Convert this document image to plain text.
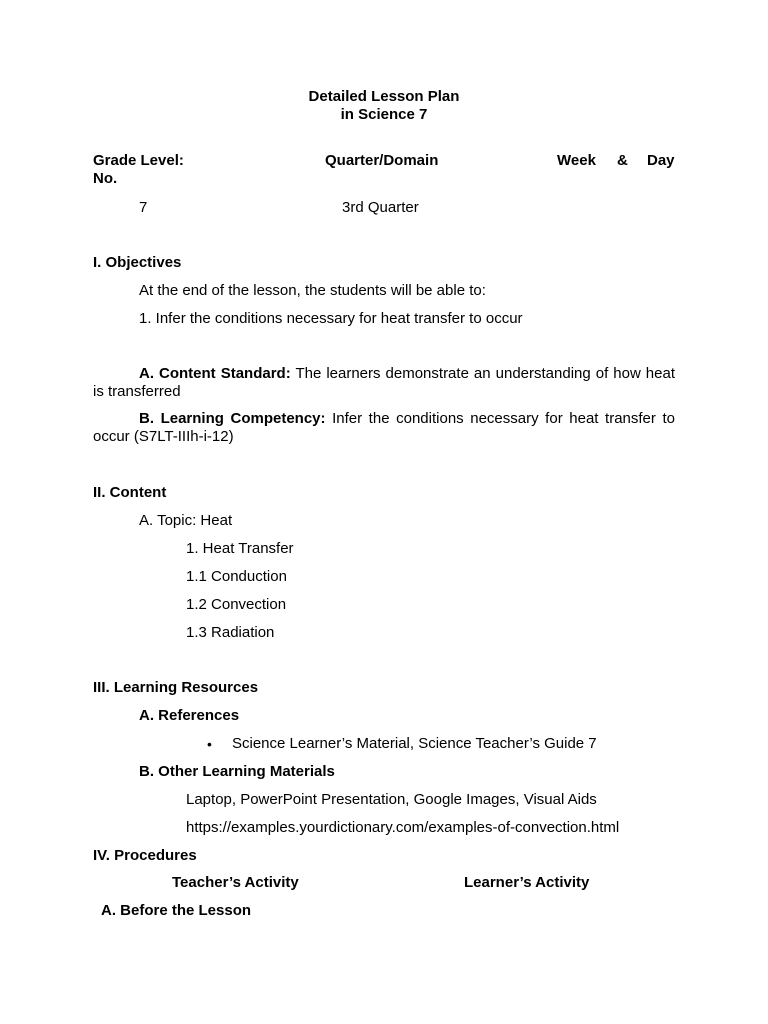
Detailed Lesson Plan
in Science 7
Grade Level:	Quarter/Domain	Week & Day
No.
7	3rd Quarter
I. Objectives
At the end of the lesson, the students will be able to:
1. Infer the conditions necessary for heat transfer to occur
A. Content Standard: The learners demonstrate an understanding of how heat is transferred
B. Learning Competency: Infer the conditions necessary for heat transfer to occur (S7LT-IIIh-i-12)
II. Content
A. Topic: Heat
1. Heat Transfer
1.1 Conduction
1.2 Convection
1.3 Radiation
III. Learning Resources
A. References
• Science Learner’s Material, Science Teacher’s Guide 7
B. Other Learning Materials
Laptop, PowerPoint Presentation, Google Images, Visual Aids
https://examples.yourdictionary.com/examples-of-convection.html
IV. Procedures
Teacher’s Activity	Learner’s Activity
A. Before the Lesson
